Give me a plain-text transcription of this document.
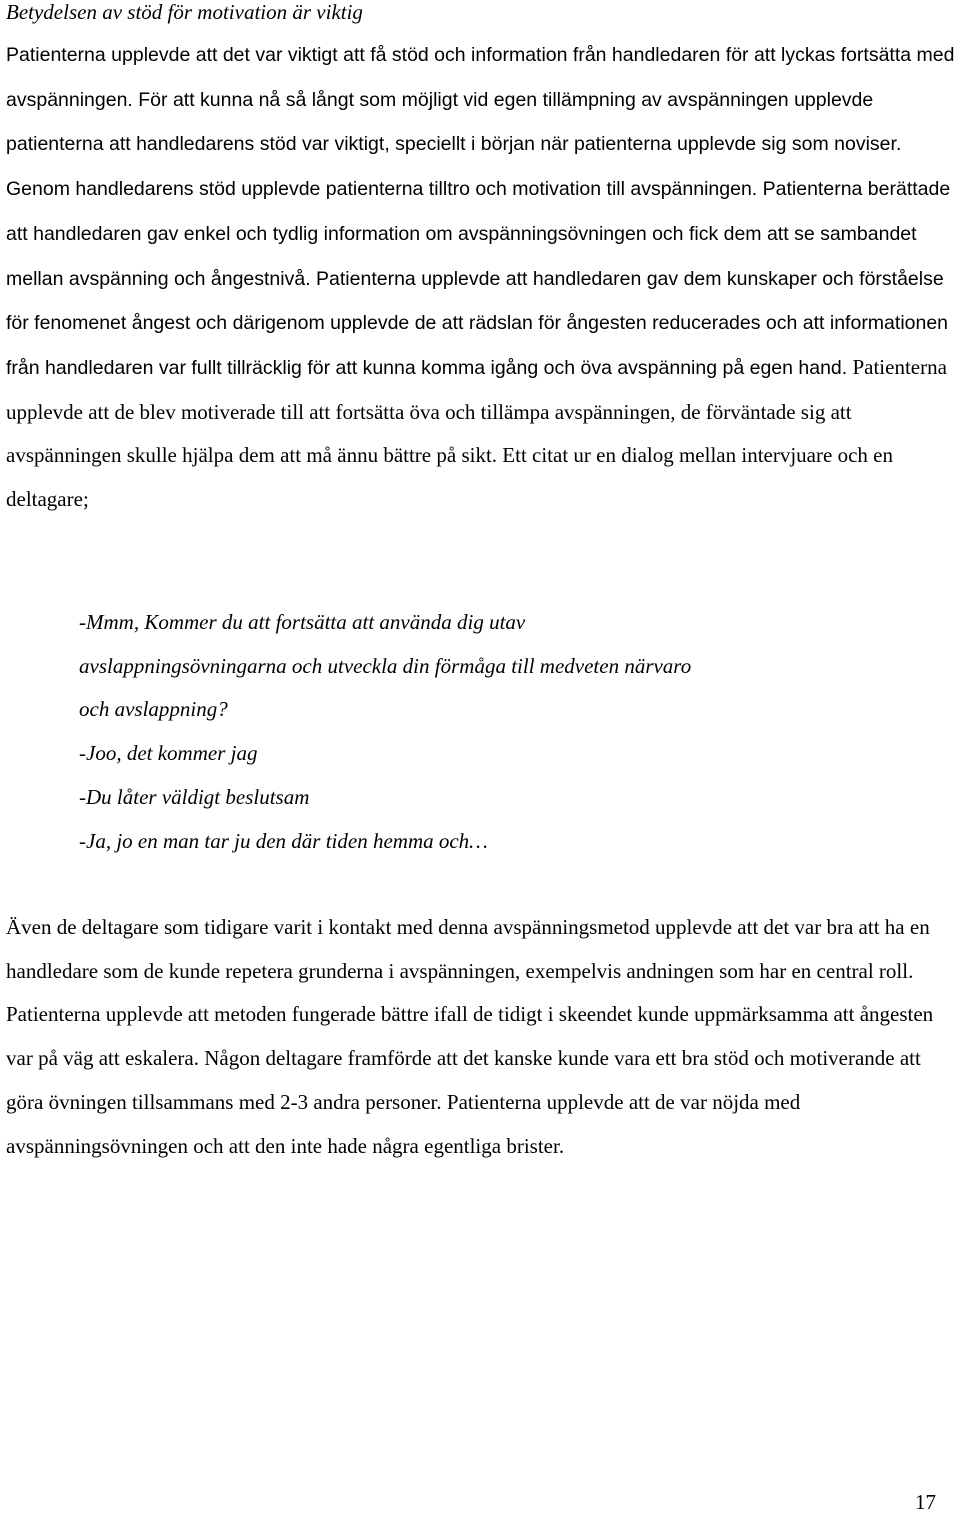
Betydelsen av stöd för motivation är viktig

Patienterna upplevde att det var viktigt att få stöd och information från handledaren för att lyckas fortsätta med avspänningen. För att kunna nå så långt som möjligt vid egen tillämpning av avspänningen upplevde patienterna att handledarens stöd var viktigt, speciellt i början när patienterna upplevde sig som noviser. Genom handledarens stöd upplevde patienterna tilltro och motivation till avspänningen. Patienterna berättade att handledaren gav enkel och tydlig information om avspänningsövningen och fick dem att se sambandet mellan avspänning och ångestnivå. Patienterna upplevde att handledaren gav dem kunskaper och förståelse för fenomenet ångest och därigenom upplevde de att rädslan för ångesten reducerades och att informationen från handledaren var fullt tillräcklig för att kunna komma igång och öva avspänning på egen hand. Patienterna upplevde att de blev motiverade till att fortsätta öva och tillämpa avspänningen, de förväntade sig att avspänningen skulle hjälpa dem att må ännu bättre på sikt. Ett citat ur en dialog mellan intervjuare och en deltagare;

-Mmm, Kommer du att fortsätta att använda dig utav
avslappningsövningarna och utveckla din förmåga till medveten närvaro
och avslappning?
-Joo, det kommer jag
-Du låter väldigt beslutsam
-Ja, jo en man tar ju den där tiden hemma och…

Även de deltagare som tidigare varit i kontakt med denna avspänningsmetod upplevde att det var bra att ha en handledare som de kunde repetera grunderna i avspänningen, exempelvis andningen som har en central roll. Patienterna upplevde att metoden fungerade bättre ifall de tidigt i skeendet kunde uppmärksamma att ångesten var på väg att eskalera. Någon deltagare framförde att det kanske kunde vara ett bra stöd och motiverande att göra övningen tillsammans med 2-3 andra personer. Patienterna upplevde att de var nöjda med avspänningsövningen och att den inte hade några egentliga brister.

17
